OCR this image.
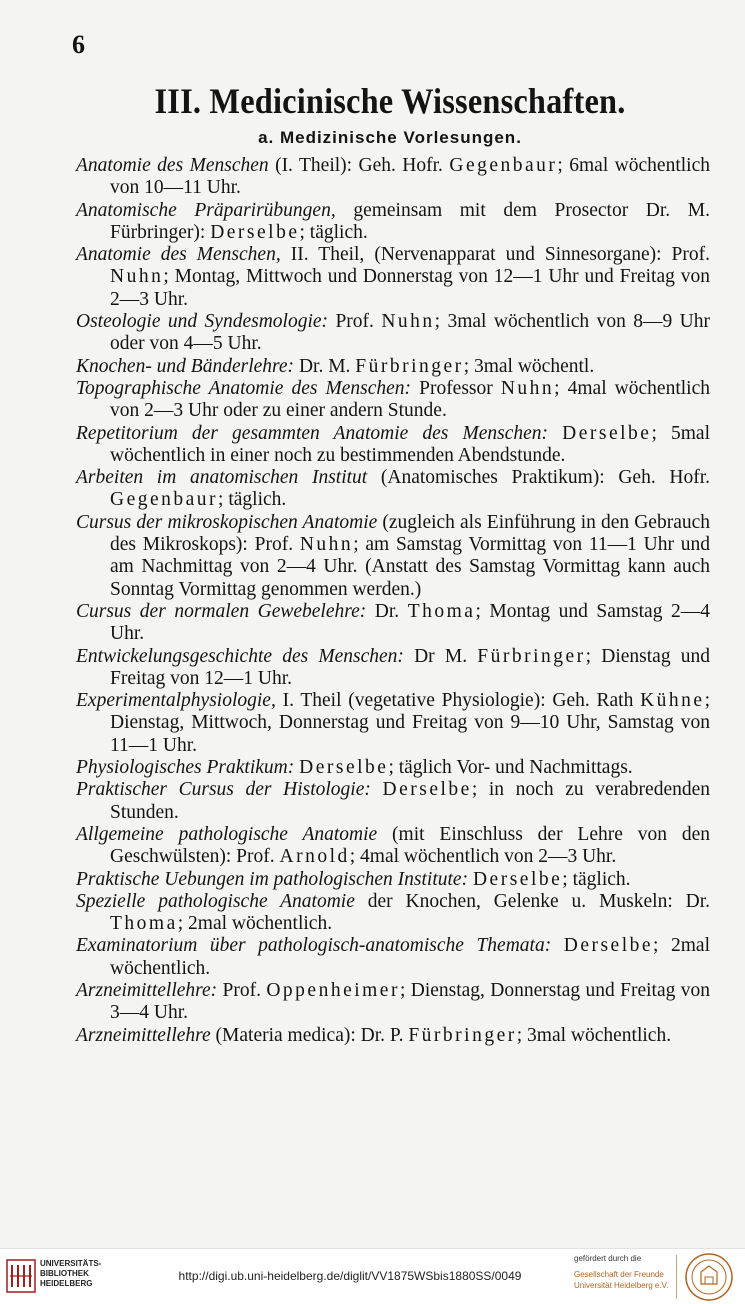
6
III. Medicinische Wissenschaften.
a. Medizinische Vorlesungen.
Anatomie des Menschen (I. Theil): Geh. Hofr. Gegenbaur; 6mal wöchentlich von 10—11 Uhr.
Anatomische Präparirübungen, gemeinsam mit dem Prosector Dr. M. Fürbringer): Derselbe; täglich.
Anatomie des Menschen, II. Theil, (Nervenapparat und Sinnesorgane): Prof. Nuhn; Montag, Mittwoch und Donnerstag von 12—1 Uhr und Freitag von 2—3 Uhr.
Osteologie und Syndesmologie: Prof. Nuhn; 3mal wöchentlich von 8—9 Uhr oder von 4—5 Uhr.
Knochen- und Bänderlehre: Dr. M. Fürbringer; 3mal wöchentl.
Topographische Anatomie des Menschen: Professor Nuhn; 4mal wöchentlich von 2—3 Uhr oder zu einer andern Stunde.
Repetitorium der gesammten Anatomie des Menschen: Derselbe; 5mal wöchentlich in einer noch zu bestimmenden Abendstunde.
Arbeiten im anatomischen Institut (Anatomisches Praktikum): Geh. Hofr. Gegenbaur; täglich.
Cursus der mikroskopischen Anatomie (zugleich als Einführung in den Gebrauch des Mikroskops): Prof. Nuhn; am Samstag Vormittag von 11—1 Uhr und am Nachmittag von 2—4 Uhr. (Anstatt des Samstag Vormittag kann auch Sonntag Vormittag genommen werden.)
Cursus der normalen Gewebelehre: Dr. Thoma; Montag und Samstag 2—4 Uhr.
Entwickelungsgeschichte des Menschen: Dr M. Fürbringer; Dienstag und Freitag von 12—1 Uhr.
Experimentalphysiologie, I. Theil (vegetative Physiologie): Geh. Rath Kühne; Dienstag, Mittwoch, Donnerstag und Freitag von 9—10 Uhr, Samstag von 11—1 Uhr.
Physiologisches Praktikum: Derselbe; täglich Vor- und Nachmittags.
Praktischer Cursus der Histologie: Derselbe; in noch zu verabredenden Stunden.
Allgemeine pathologische Anatomie (mit Einschluss der Lehre von den Geschwülsten): Prof. Arnold; 4mal wöchentlich von 2—3 Uhr.
Praktische Uebungen im pathologischen Institute: Derselbe; täglich.
Spezielle pathologische Anatomie der Knochen, Gelenke u. Muskeln: Dr. Thoma; 2mal wöchentlich.
Examinatorium über pathologisch-anatomische Themata: Derselbe; 2mal wöchentlich.
Arzneimittellehre: Prof. Oppenheimer; Dienstag, Donnerstag und Freitag von 3—4 Uhr.
Arzneimittellehre (Materia medica): Dr. P. Fürbringer; 3mal wöchentlich.
UNIVERSITÄTS-
BIBLIOTHEK
HEIDELBERG
http://digi.ub.uni-heidelberg.de/diglit/VV1875WSbis1880SS/0049
gefördert durch die
Gesellschaft der Freunde
Universität Heidelberg e.V.
